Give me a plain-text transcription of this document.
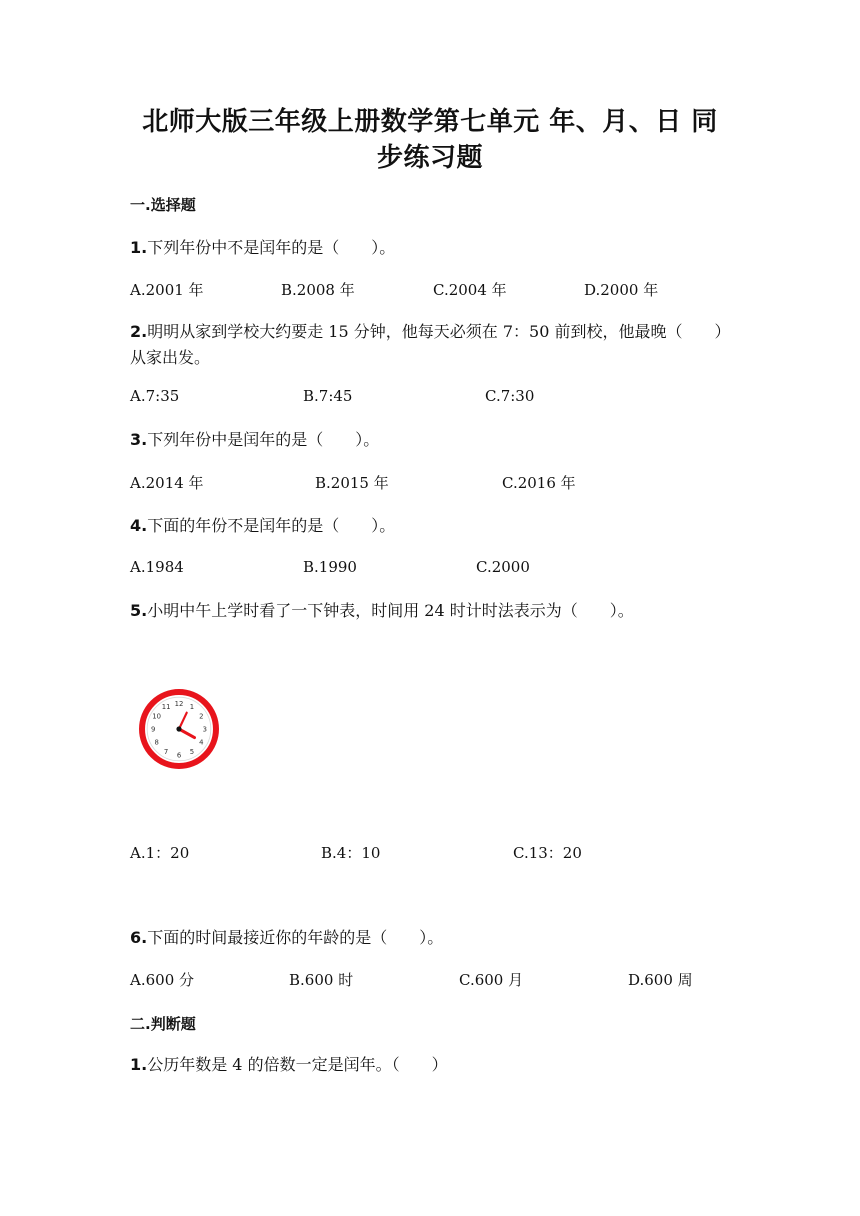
北师大版三年级上册数学第七单元 年、月、日 同
步练习题
一.选择题
1.下列年份中不是闰年的是（　　）。
A.2001 年	B.2008 年	C.2004 年	D.2000 年
2.明明从家到学校大约要走 15 分钟，他每天必须在 7：50 前到校，他最晚（　　）从家出发。
A.7:35	B.7:45	C.7:30
3.下列年份中是闰年的是（　　）。
A.2014 年	B.2015 年	C.2016 年
4.下面的年份不是闰年的是（　　）。
A.1984	B.1990	C.2000
5.小明中午上学时看了一下钟表，时间用 24 时计时法表示为（　　）。
12 1
2
3
4
5
6
7
8
9
10
11
A.1：20	B.4：10	C.13：20
6.下面的时间最接近你的年龄的是（　　）。
A.600 分	B.600 时	C.600 月	D.600 周
二.判断题
1.公历年数是 4 的倍数一定是闰年。（　　）
